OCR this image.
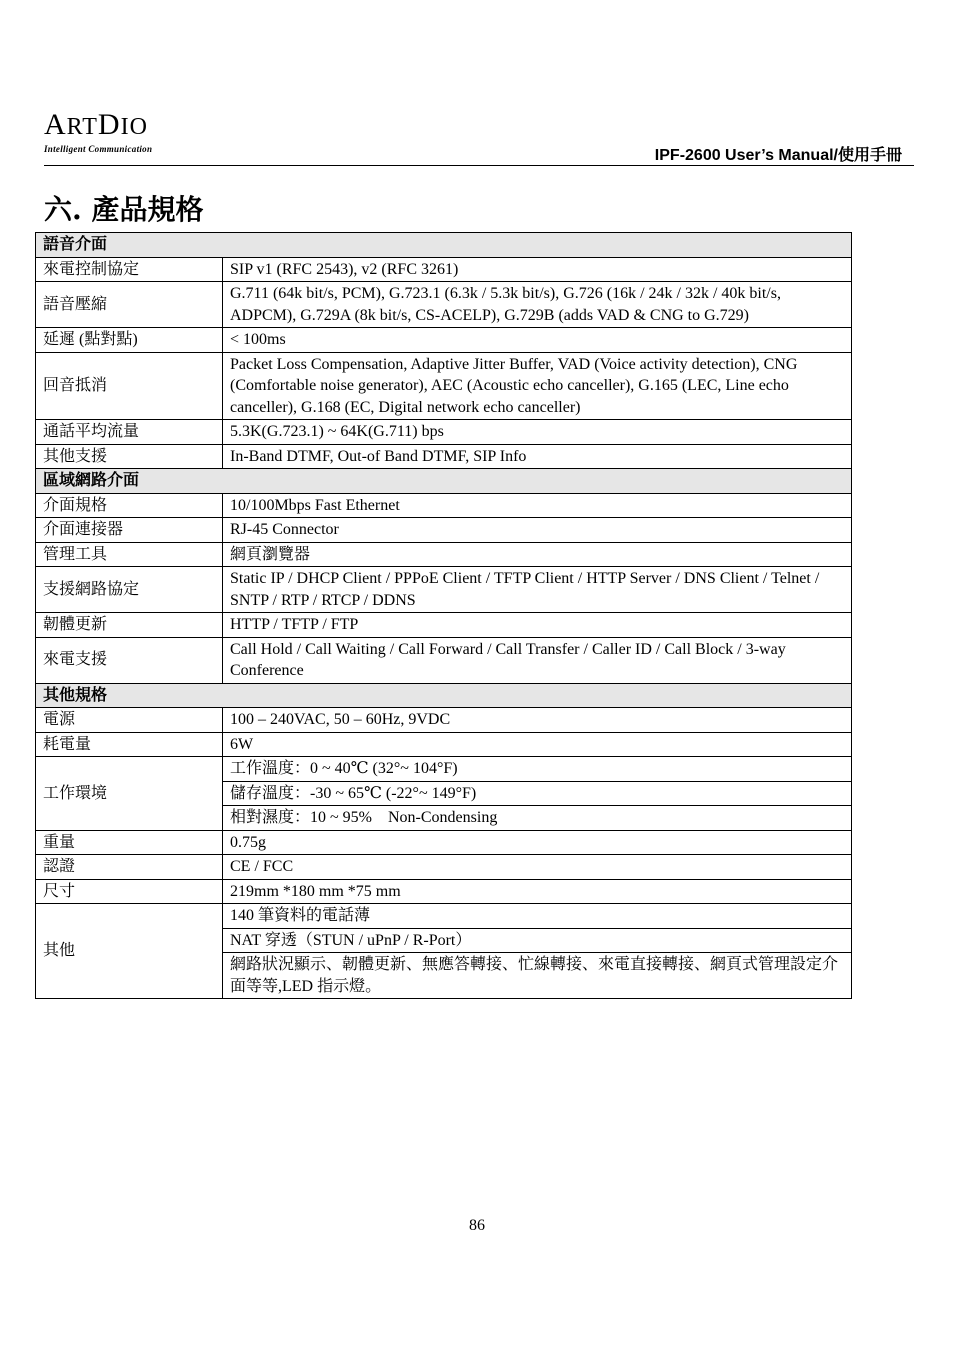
ARTDIO
Intelligent Communication	IPF-2600 User’s Manual/使用手冊
六. 產品規格
語音介面	
來電控制協定	SIP v1 (RFC 2543), v2 (RFC 3261)
語音壓縮	G.711 (64k bit/s, PCM), G.723.1 (6.3k / 5.3k bit/s), G.726 (16k / 24k / 32k / 40k bit/s, ADPCM), G.729A (8k bit/s, CS-ACELP), G.729B (adds VAD & CNG to G.729)
延遲 (點對點)	< 100ms
回音抵消	Packet Loss Compensation, Adaptive Jitter Buffer, VAD (Voice activity detection), CNG (Comfortable noise generator), AEC (Acoustic echo canceller), G.165 (LEC, Line echo canceller), G.168 (EC, Digital network echo canceller)
通話平均流量	5.3K(G.723.1) ~ 64K(G.711) bps
其他支援	In-Band DTMF, Out-of Band DTMF, SIP Info
區域網路介面	
介面規格	10/100Mbps Fast Ethernet
介面連接器	RJ-45 Connector
管理工具	網頁瀏覽器
支援網路協定	Static IP / DHCP Client / PPPoE Client / TFTP Client / HTTP Server / DNS Client / Telnet / SNTP / RTP / RTCP / DDNS
韌體更新	HTTP / TFTP / FTP
來電支援	Call Hold / Call Waiting / Call Forward / Call Transfer / Caller ID / Call Block / 3-way Conference
其他規格	
電源	100 – 240VAC, 50 – 60Hz, 9VDC
耗電量	6W
工作環境	工作溫度：0 ~ 40℃ (32°~ 104°F)
	儲存溫度：-30 ~ 65℃ (-22°~ 149°F)
	相對濕度：10 ~ 95%　Non-Condensing
重量	0.75g
認證	CE / FCC
尺寸	219mm *180 mm *75 mm
其他	140 筆資料的電話薄
	NAT 穿透（STUN / uPnP / R-Port）
	網路狀況顯示、韌體更新、無應答轉接、忙線轉接、來電直接轉接、網頁式管理設定介面等等,LED 指示燈。
86
